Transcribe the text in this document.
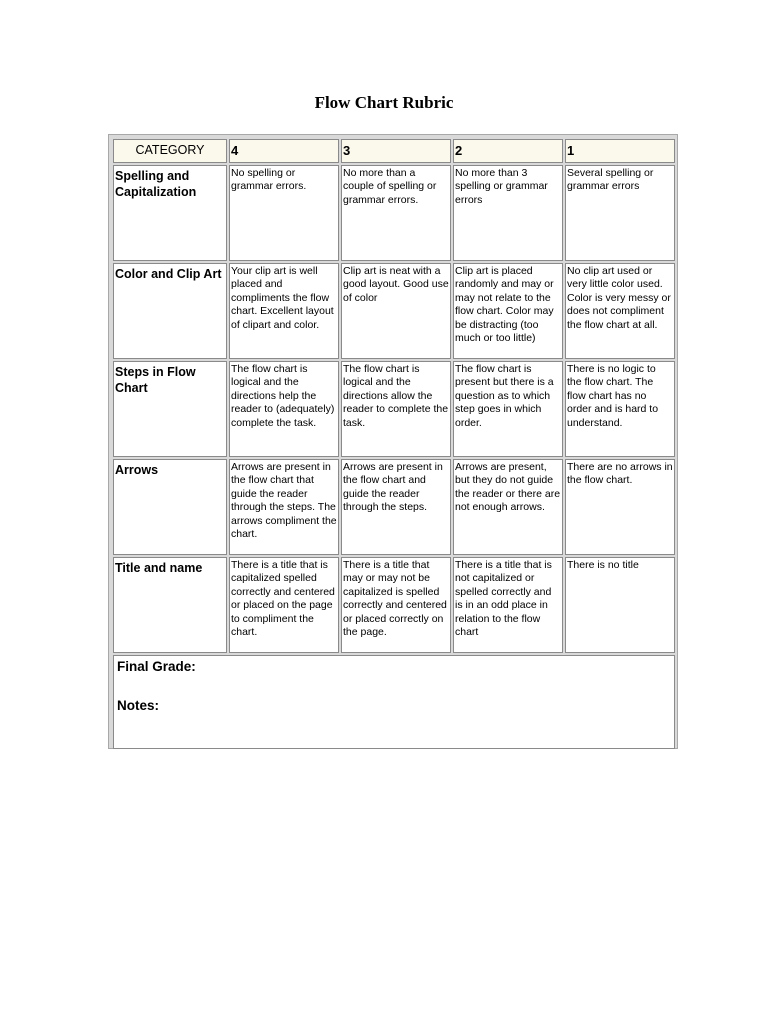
Flow Chart Rubric
CATEGORY	4	3	2	1
Spelling and Capitalization	No spelling or grammar errors.	No more than a couple of spelling or grammar errors.	No more than 3 spelling or grammar errors	Several spelling or grammar errors
Color and Clip Art	Your clip art is well placed and compliments the flow chart. Excellent layout of clipart and color.	Clip art is neat with a good layout. Good use of color	Clip art is placed randomly and may or may not relate to the flow chart. Color may be distracting (too much or too little)	No clip art used or very little color used. Color is very messy or does not compliment the flow chart at all.
Steps in Flow Chart	The flow chart is logical and the directions help the reader to (adequately) complete the task.	The flow chart is logical and the directions allow the reader to complete the task.	The flow chart is present but there is a question as to which step goes in which order.	There is no logic to the flow chart. The flow chart has no order and is hard to understand.
Arrows	Arrows are present in the flow chart that guide the reader through the steps. The arrows compliment the chart.	Arrows are present in the flow chart and guide the reader through the steps.	Arrows are present, but they do not guide the reader or there are not enough arrows.	There are no arrows in the flow chart.
Title and name	There is a title that is capitalized spelled correctly and centered or placed on the page to compliment the chart.	There is a title that may or may not be capitalized is spelled correctly and centered or placed correctly on the page.	There is a title that is not capitalized or spelled correctly and is in an odd place in relation to the flow chart	There is no title

Final Grade:
Notes:				
